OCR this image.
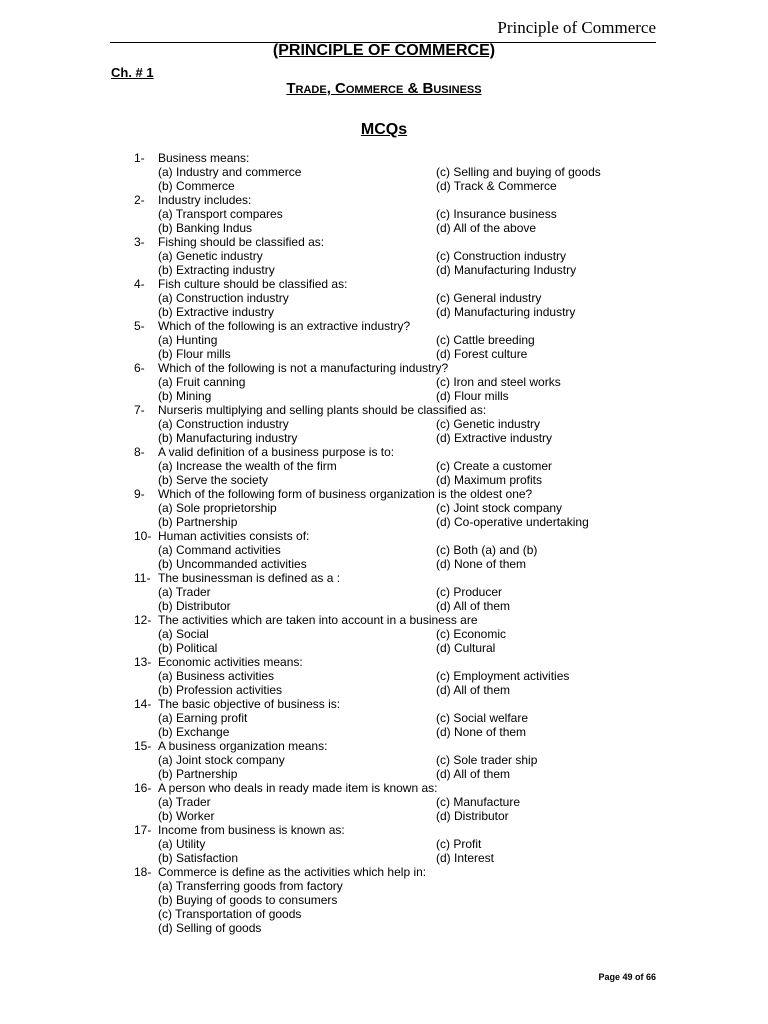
Principle of Commerce
(PRINCIPLE OF COMMERCE)
Ch. # 1
Trade, Commerce & Business
MCQs
1- Business means:
(a) Industry and commerce	(c) Selling and buying of goods
(b) Commerce	(d) Track & Commerce
2- Industry includes:
(a) Transport compares	(c) Insurance business
(b) Banking Indus	(d) All of the above
3- Fishing should be classified as:
(a) Genetic industry	(c) Construction industry
(b) Extracting industry	(d) Manufacturing Industry
4- Fish culture should be classified as:
(a) Construction industry	(c) General industry
(b) Extractive industry	(d) Manufacturing industry
5- Which of the following is an extractive industry?
(a) Hunting	(c) Cattle breeding
(b) Flour mills	(d) Forest culture
6- Which of the following is not a manufacturing industry?
(a) Fruit canning	(c) Iron and steel works
(b) Mining	(d) Flour mills
7- Nurseris multiplying and selling plants should be classified as:
(a) Construction industry	(c) Genetic industry
(b) Manufacturing industry	(d) Extractive industry
8- A valid definition of a business purpose is to:
(a) Increase the wealth of the firm	(c) Create a customer
(b) Serve the society	(d) Maximum profits
9- Which of the following form of business organization is the oldest one?
(a) Sole proprietorship	(c) Joint stock company
(b) Partnership	(d) Co-operative undertaking
10- Human activities consists of:
(a) Command activities	(c) Both (a) and (b)
(b) Uncommanded activities	(d) None of them
11- The businessman is defined as a :
(a) Trader	(c) Producer
(b) Distributor	(d) All of them
12- The activities which are taken into account in a business are
(a) Social	(c) Economic
(b) Political	(d) Cultural
13- Economic activities means:
(a) Business activities	(c) Employment activities
(b) Profession activities	(d) All of them
14- The basic objective of business is:
(a) Earning profit	(c) Social welfare
(b) Exchange	(d) None of them
15- A business organization means:
(a) Joint stock company	(c) Sole trader ship
(b) Partnership	(d) All of them
16- A person who deals in ready made item is known as:
(a) Trader	(c) Manufacture
(b) Worker	(d) Distributor
17- Income from business is known as:
(a) Utility	(c) Profit
(b) Satisfaction	(d) Interest
18- Commerce is define as the activities which help in:
(a) Transferring goods from factory
(b) Buying of goods to consumers
(c) Transportation of goods
(d) Selling of goods
Page 49 of 66
